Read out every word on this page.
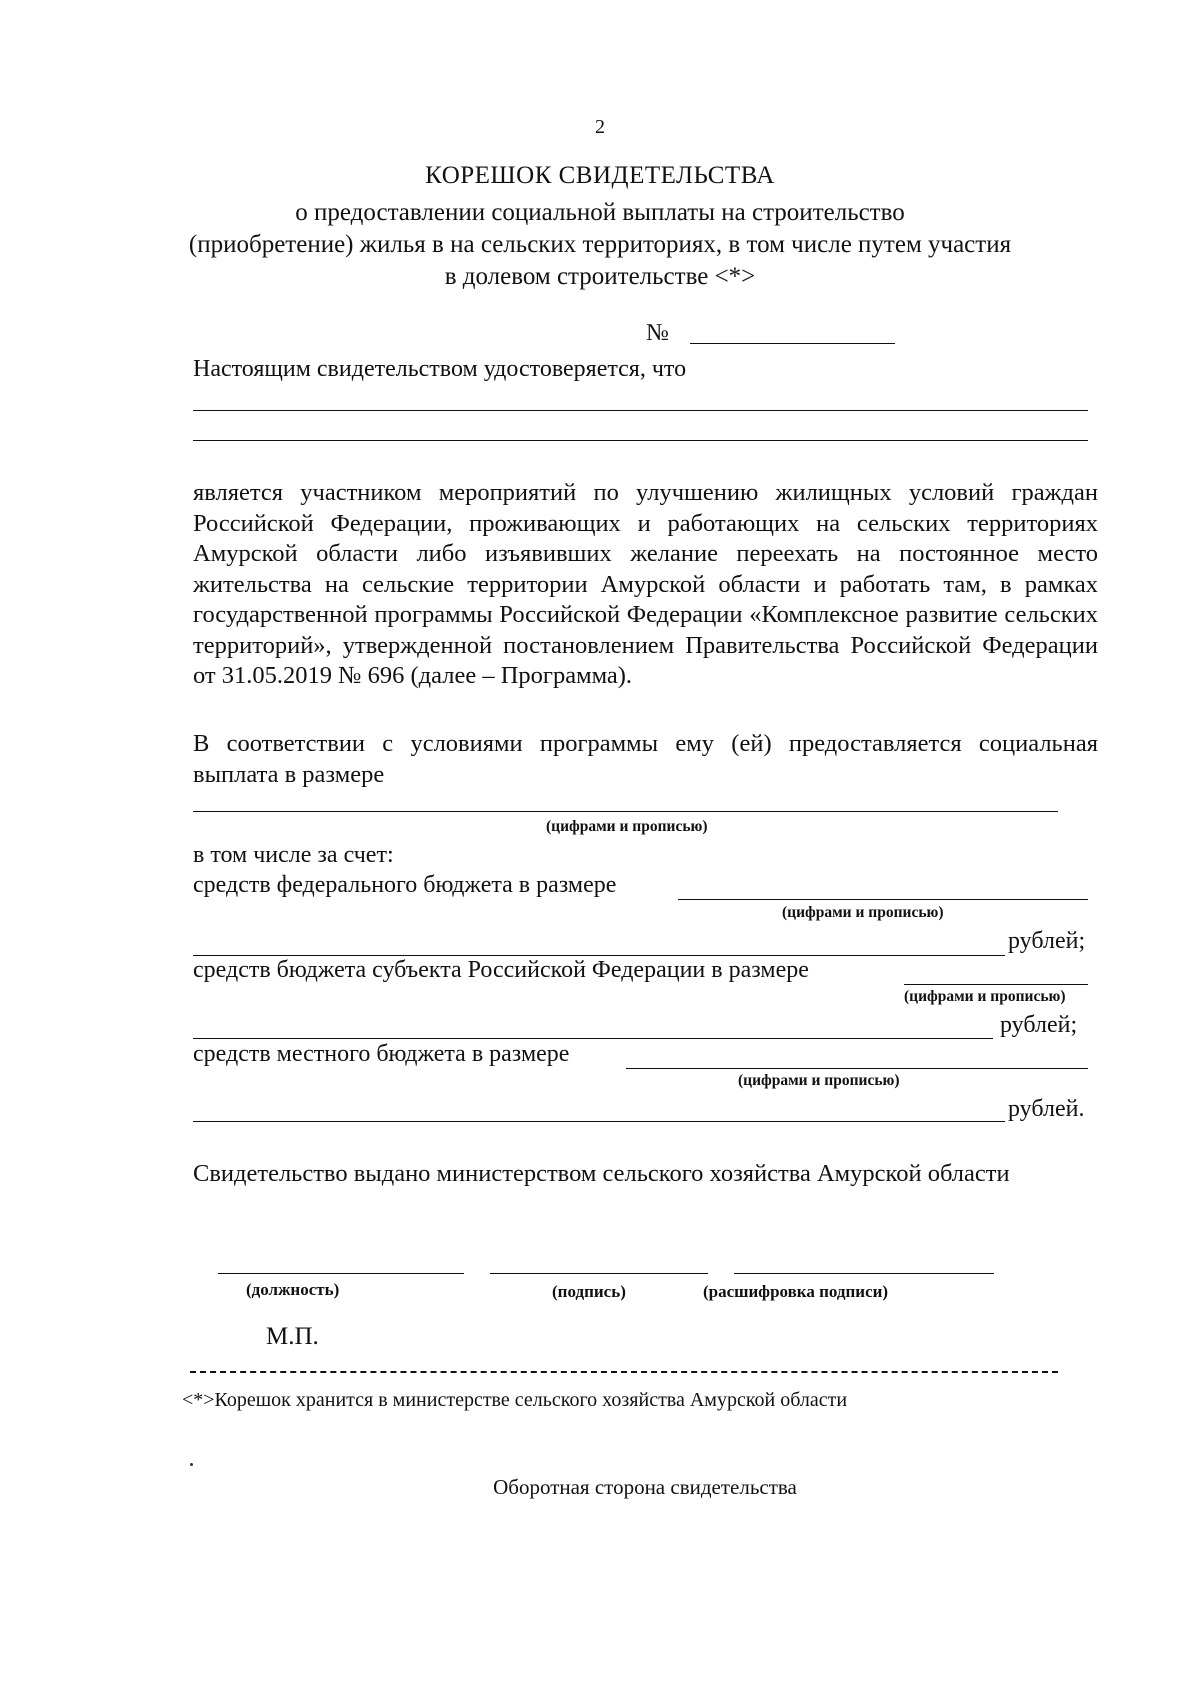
2
КОРЕШОК СВИДЕТЕЛЬСТВА
о предоставлении социальной выплаты на строительство
(приобретение) жилья в на сельских территориях, в том числе путем участия
в долевом строительстве <*>
№
Настоящим свидетельством удостоверяется, что
является участником мероприятий по улучшению жилищных условий граждан Российской Федерации, проживающих и работающих на сельских территориях Амурской области либо изъявивших желание переехать на постоянное место жительства на сельские территории Амурской области и работать там, в рамках государственной программы Российской Федерации «Комплексное развитие сельских территорий», утвержденной постановлением Правительства Российской Федерации от 31.05.2019 № 696 (далее – Программа).
В соответствии с условиями программы ему (ей) предоставляется социальная выплата в размере
(цифрами и прописью)
в том числе за счет:
средств федерального бюджета в размере
(цифрами и прописью)
рублей;
средств бюджета субъекта Российской Федерации в размере
(цифрами и прописью)
рублей;
средств местного бюджета в размере
(цифрами и прописью)
рублей.
Свидетельство выдано министерством сельского хозяйства Амурской области
(должность)	(подпись)	(расшифровка подписи)
М.П.
<*>Корешок хранится в министерстве сельского хозяйства Амурской области
Оборотная сторона свидетельства
